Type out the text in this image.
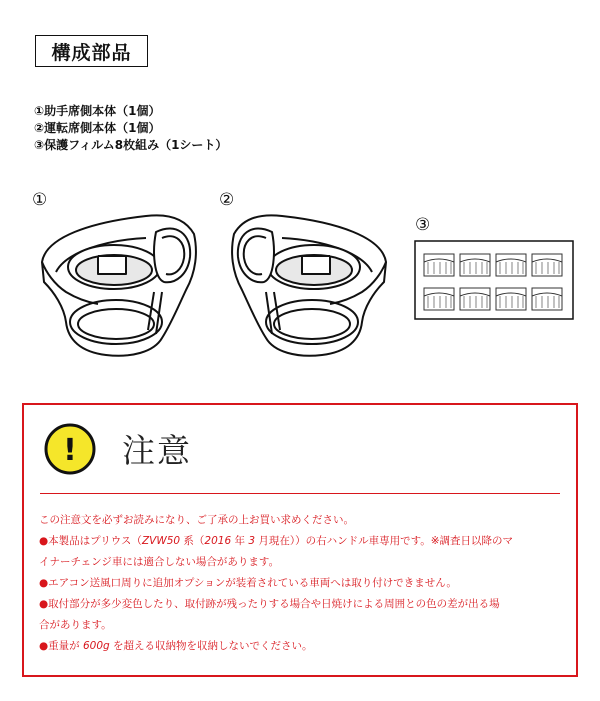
構成部品
①助手席側本体（1個）
②運転席側本体（1個）
③保護フィルム8枚組み（1シート）
①	②
③
! 注意

この注意文を必ずお読みになり、ご了承の上お買い求めください。

●本製品はプリウス（ZVW50 系（2016 年 3 月現在））の右ハンドル車専用です。※調査日以降のマ

イナーチェンジ車には適合しない場合があります。

●エアコン送風口周りに追加オプションが装着されている車両へは取り付けできません。

●取付部分が多少変色したり、取付跡が残ったりする場合や日焼けによる周囲との色の差が出る場

合があります。

●重量が 600g を超える収納物を収納しないでください。
